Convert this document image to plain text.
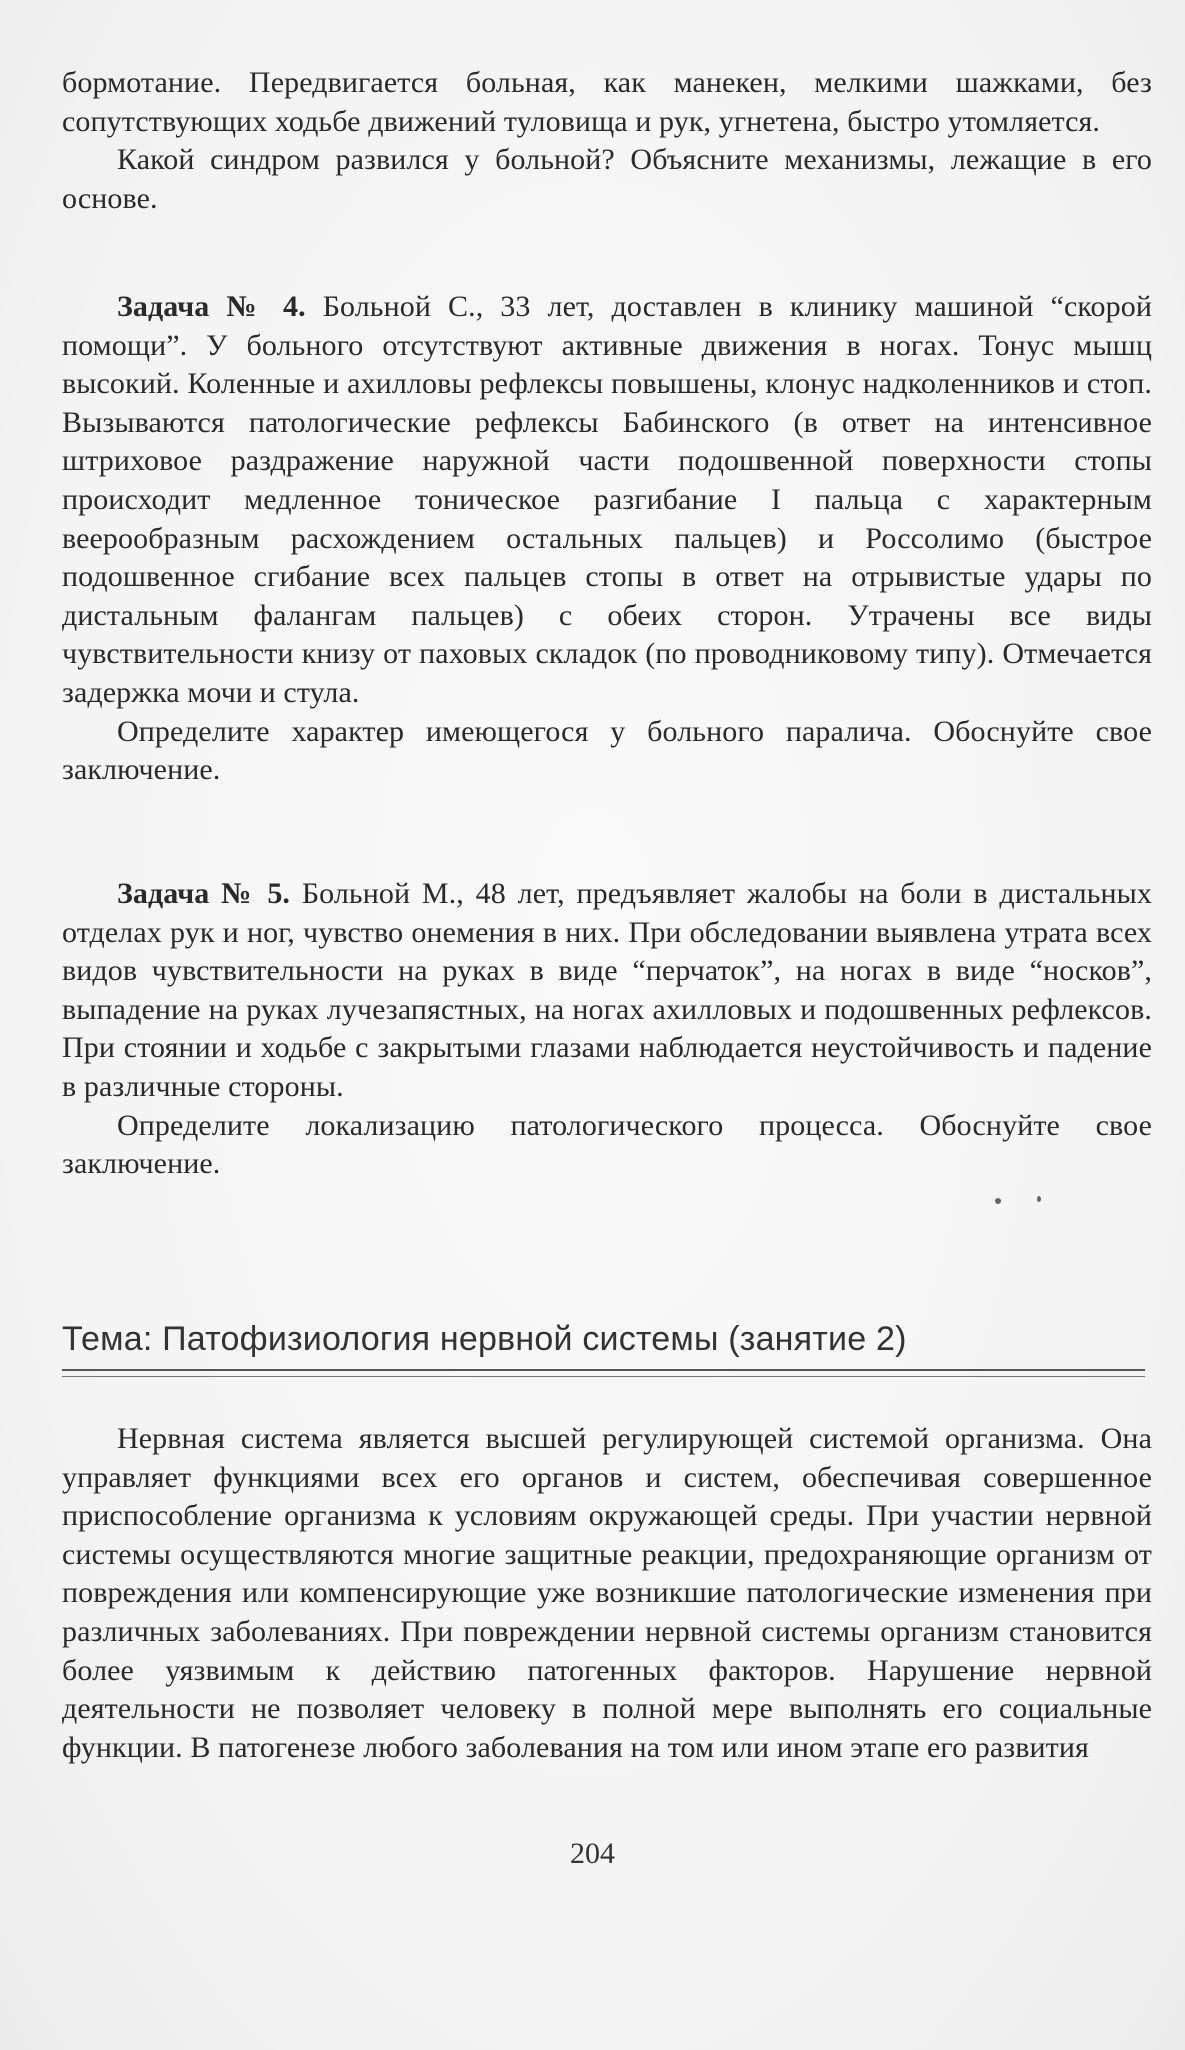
бормотание. Передвигается больная, как манекен, мелкими шажками, без сопутствующих ходьбе движений туловища и рук, угнетена, быстро утомляется.

Какой синдром развился у больной? Объясните механизмы, лежащие в его основе.

Задача № 4. Больной С., 33 лет, доставлен в клинику машиной “скорой помощи”. У больного отсутствуют активные движения в ногах. Тонус мышц высокий. Коленные и ахилловы рефлексы повышены, клонус надколенников и стоп. Вызываются патологические рефлексы Бабинского (в ответ на интенсивное штриховое раздражение наружной части подошвенной поверхности стопы происходит медленное тоническое разгибание I пальца с характерным веерообразным расхождением остальных пальцев) и Россолимо (быстрое подошвенное сгибание всех пальцев стопы в ответ на отрывистые удары по дистальным фалангам пальцев) с обеих сторон. Утрачены все виды чувствительности книзу от паховых складок (по проводниковому типу). Отмечается задержка мочи и стула.

Определите характер имеющегося у больного паралича. Обоснуйте свое заключение.

Задача № 5. Больной М., 48 лет, предъявляет жалобы на боли в дистальных отделах рук и ног, чувство онемения в них. При обследовании выявлена утрата всех видов чувствительности на руках в виде “перчаток”, на ногах в виде “носков”, выпадение на руках лучезапястных, на ногах ахилловых и подошвенных рефлексов. При стоянии и ходьбе с закрытыми глазами наблюдается неустойчивость и падение в различные стороны.

Определите локализацию патологического процесса. Обоснуйте свое заключение.

Тема: Патофизиология нервной системы (занятие 2)

Нервная система является высшей регулирующей системой организма. Она управляет функциями всех его органов и систем, обеспечивая совершенное приспособление организма к условиям окружающей среды. При участии нервной системы осуществляются многие защитные реакции, предохраняющие организм от повреждения или компенсирующие уже возникшие патологические изменения при различных заболеваниях. При повреждении нервной системы организм становится более уязвимым к действию патогенных факторов. Нарушение нервной деятельности не позволяет человеку в полной мере выполнять его социальные функции. В патогенезе любого заболевания на том или ином этапе его развития

204
